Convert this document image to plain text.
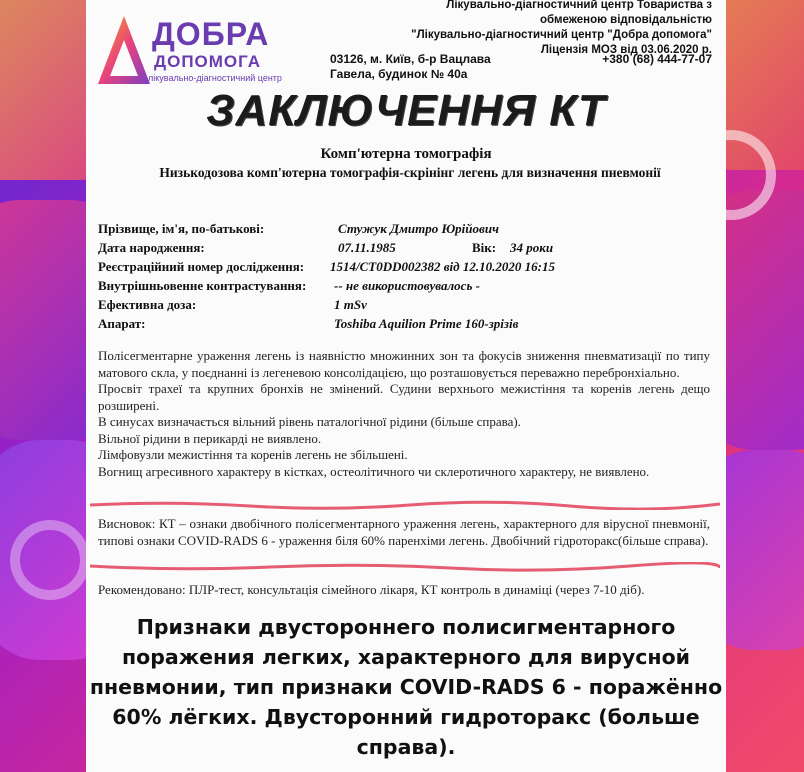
ДОБРА
ДОПОМОГА
лікувально-діагностичний центр
Лікувально-діагностичний центр Товариства з
обмеженою відповідальністю
"Лікувально-діагностичний центр "Добра допомога"
Ліцензія МОЗ від 03.06.2020 р.
03126, м. Київ, б-р Вацлава
Гавела, будинок № 40а
+380 (68) 444-77-07
ЗАКЛЮЧЕННЯ КТ
Комп'ютерна томографія
Низькодозова комп'ютерна томографія-скрінінг легень для визначення пневмонії
Прізвище, ім'я, по-батькові:	Стужук Дмитро Юрійович
Дата народження:	07.11.1985	Вік: 34 роки
Реєстраційний номер дослідження: 1514/CT0DD002382 від 12.10.2020 16:15
Внутрішньовенне контрастування: -- не використовувалось -
Ефективна доза:	1 mSv
Апарат:	Toshiba Aquilion Prime 160-зрізів
Полісегментарне ураження легень із наявністю множинних зон та фокусів зниження пневматизації по типу матового скла, у поєднанні із легеневою консолідацією, що розташовується переважно перебронхіально.
Просвіт трахеї та крупних бронхів не змінений. Судини верхнього межистіння та коренів легень дещо розширені.
В синусах визначається вільний рівень паталогічної рідини (більше справа).
Вільної рідини в перикарді не виявлено.
Лімфовузли межистіння та коренів легень не збільшені.
Вогнищ агресивного характеру в кістках, остеолітичного чи склеротичного характеру, не виявлено.
Висновок: КТ – ознаки двобічного полісегментарного ураження легень, характерного для вірусної пневмонії, типові ознаки COVID-RADS 6 - ураження біля 60% паренхіми легень. Двобічний гідроторакс(більше справа).
Рекомендовано: ПЛР-тест, консультація сімейного лікаря, КТ контроль в динаміці (через 7-10 діб).
Признаки двустороннего полисигментарного поражения легких, характерного для вирусной пневмонии, тип признаки COVID-RADS 6 - поражённо 60% лёгких. Двусторонний гидроторакс (больше справа).
